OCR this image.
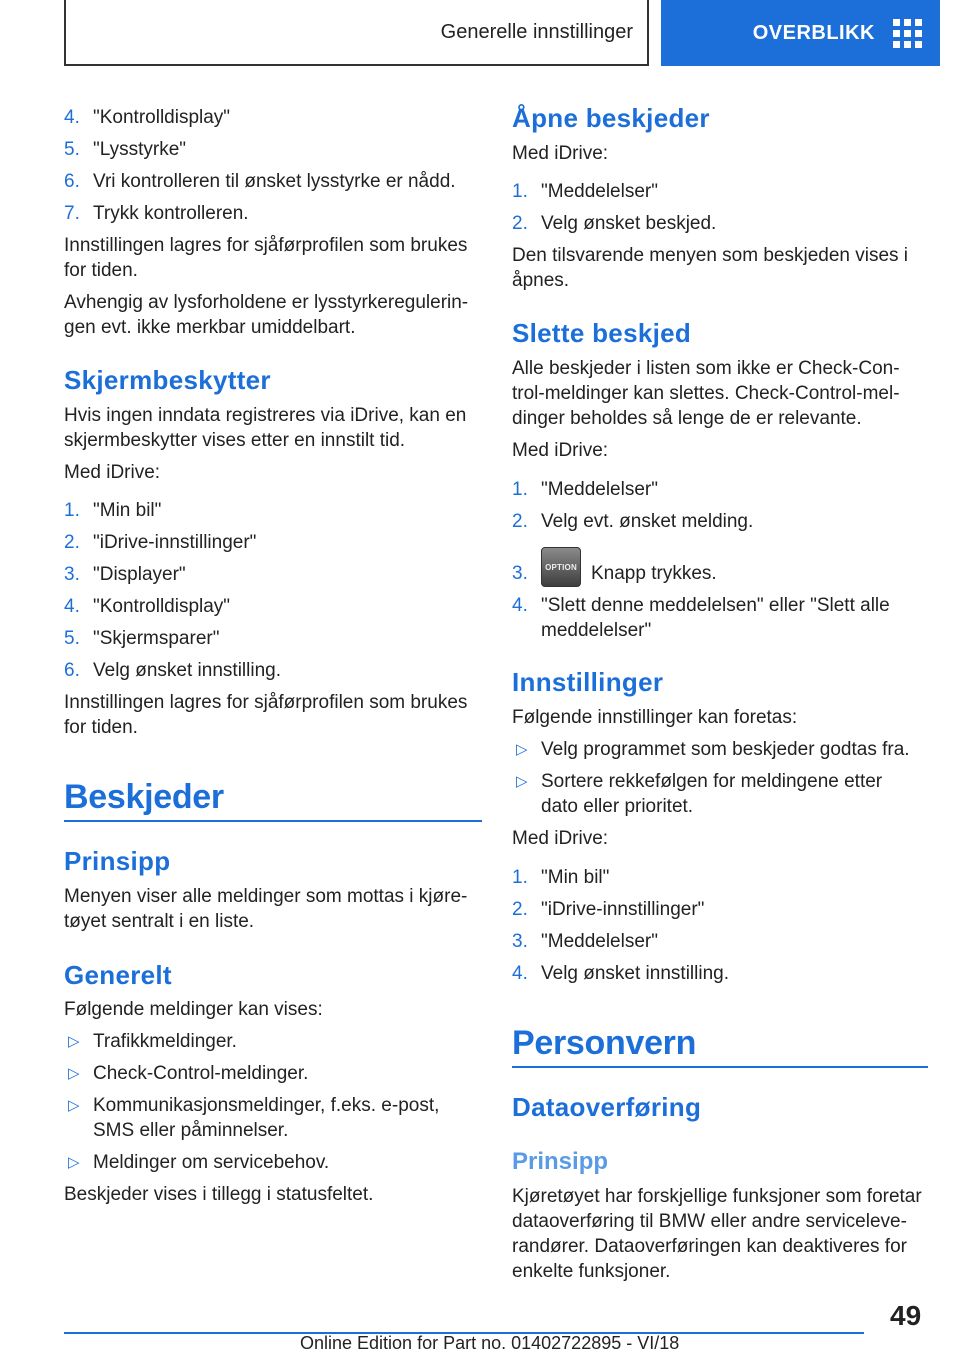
Generelle innstillinger	OVERBLIKK
4. "Kontrolldisplay"
5. "Lysstyrke"
6. Vri kontrolleren til ønsket lysstyrke er nådd.
7. Trykk kontrolleren.
Innstillingen lagres for sjåførprofilen som brukes
for tiden.
Avhengig av lysforholdene er lysstyrkeregulerin‐
gen evt. ikke merkbar umiddelbart.
Skjermbeskytter
Hvis ingen inndata registreres via iDrive, kan en
skjermbeskytter vises etter en innstilt tid.
Med iDrive:
1. "Min bil"
2. "iDrive-innstillinger"
3. "Displayer"
4. "Kontrolldisplay"
5. "Skjermsparer"
6. Velg ønsket innstilling.
Innstillingen lagres for sjåførprofilen som brukes
for tiden.
Beskjeder
Prinsipp
Menyen viser alle meldinger som mottas i kjøre‐
tøyet sentralt i en liste.
Generelt
Følgende meldinger kan vises:
▷ Trafikkmeldinger.
▷ Check-Control-meldinger.
▷ Kommunikasjonsmeldinger, f.eks. e-post,
SMS eller påminnelser.
▷ Meldinger om servicebehov.
Beskjeder vises i tillegg i statusfeltet.
Åpne beskjeder
Med iDrive:
1. "Meddelelser"
2. Velg ønsket beskjed.
Den tilsvarende menyen som beskjeden vises i
åpnes.
Slette beskjed
Alle beskjeder i listen som ikke er Check-Con‐
trol-meldinger kan slettes. Check-Control-mel‐
dinger beholdes så lenge de er relevante.
Med iDrive:
1. "Meddelelser"
2. Velg evt. ønsket melding.
3. OPTION Knapp trykkes.
4. "Slett denne meddelelsen" eller "Slett alle
meddelelser"
Innstillinger
Følgende innstillinger kan foretas:
▷ Velg programmet som beskjeder godtas fra.
▷ Sortere rekkefølgen for meldingene etter
dato eller prioritet.
Med iDrive:
1. "Min bil"
2. "iDrive-innstillinger"
3. "Meddelelser"
4. Velg ønsket innstilling.
Personvern
Dataoverføring
Prinsipp
Kjøretøyet har forskjellige funksjoner som foretar
dataoverføring til BMW eller andre serviceleve‐
randører. Dataoverføringen kan deaktiveres for
enkelte funksjoner.
49
Online Edition for Part no. 01402722895 - VI/18
